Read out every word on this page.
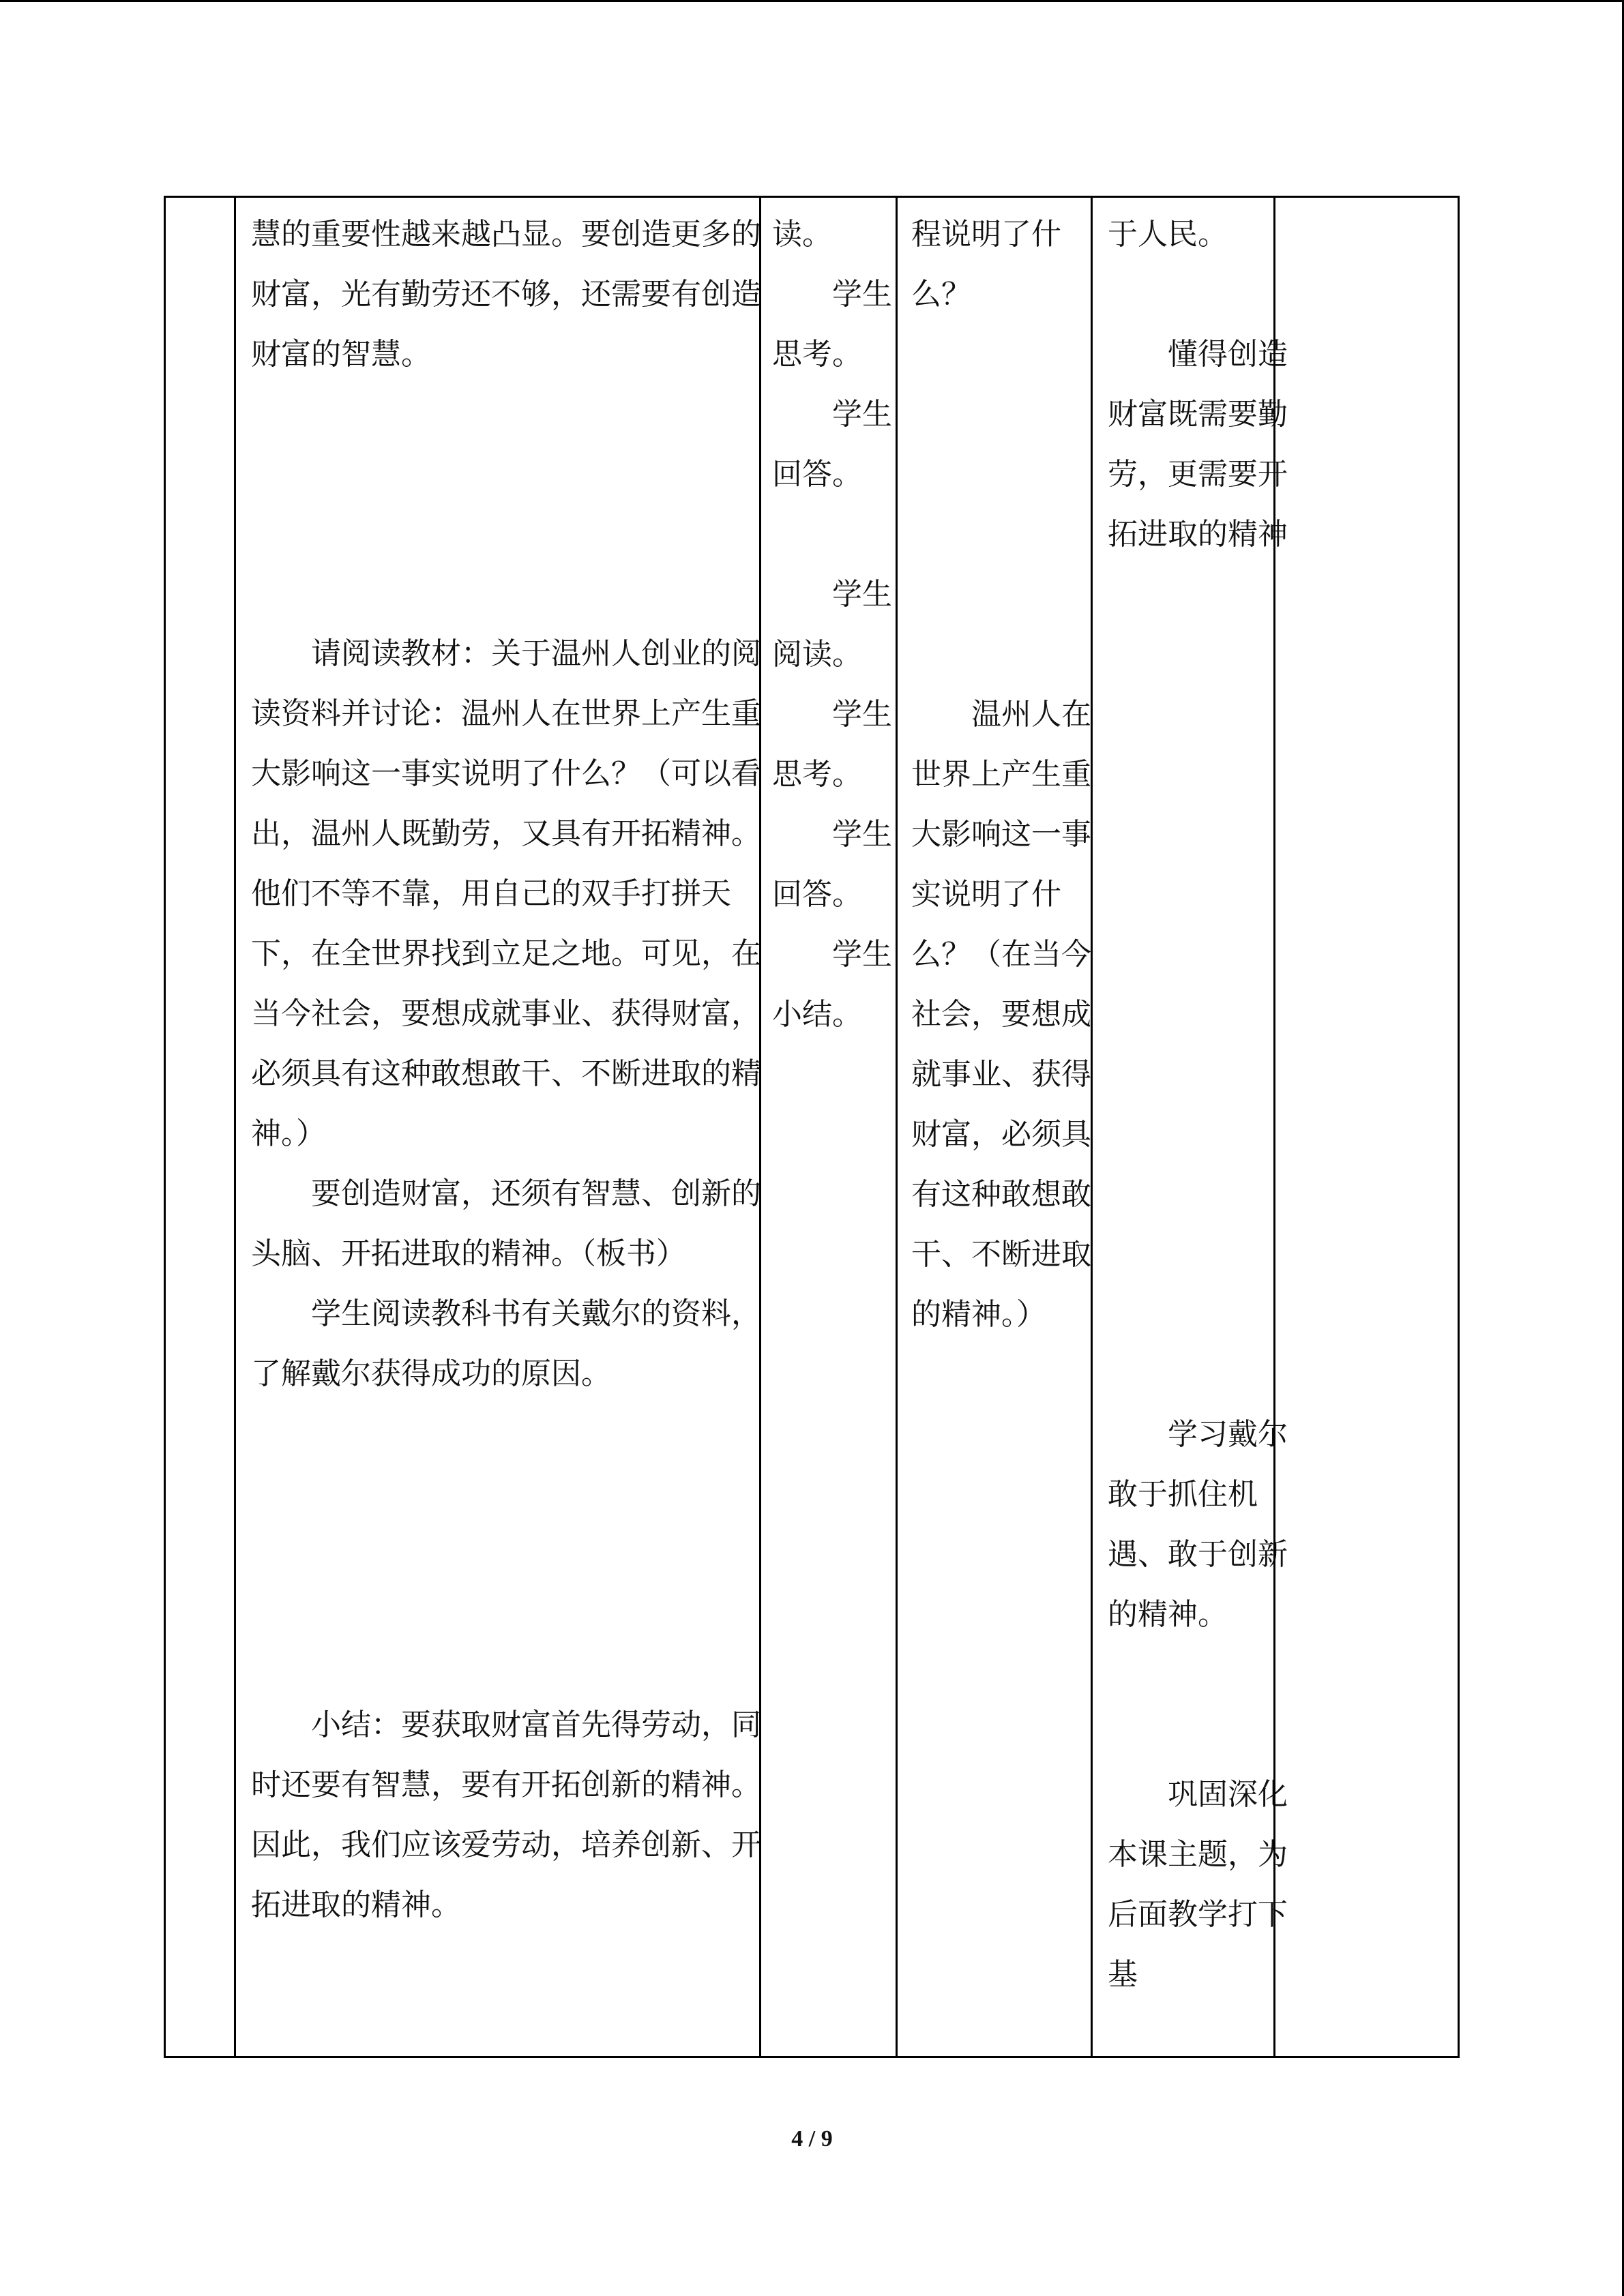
慧的重要性越来越凸显。要创造更多的财富，光有勤劳还不够，还需要有创造财富的智慧。
　　请阅读教材：关于温州人创业的阅读资料并讨论：温州人在世界上产生重大影响这一事实说明了什么？（可以看出，温州人既勤劳，又具有开拓精神。他们不等不靠，用自己的双手打拼天下，在全世界找到立足之地。可见，在当今社会，要想成就事业、获得财富，必须具有这种敢想敢干、不断进取的精神。）
　　要创造财富，还须有智慧、创新的头脑、开拓进取的精神。（板书）
　　学生阅读教科书有关戴尔的资料，了解戴尔获得成功的原因。
　　小结：要获取财富首先得劳动，同时还要有智慧，要有开拓创新的精神。因此，我们应该爱劳动，培养创新、开拓进取的精神。
读。
　　学生思考。
　　学生回答。

　　学生阅读。
　　学生思考。
　　学生回答。
　　学生小结。
程说明了什么？
　　温州人在世界上产生重大影响这一事实说明了什么？（在当今社会，要想成就事业、获得财富，必须具有这种敢想敢干、不断进取的精神。）
于人民。

　　懂得创造财富既需要勤劳，更需要开拓进取的精神
　　学习戴尔敢于抓住机遇、敢于创新的精神。
　　巩固深化本课主题，为后面教学打下基
4 / 9
